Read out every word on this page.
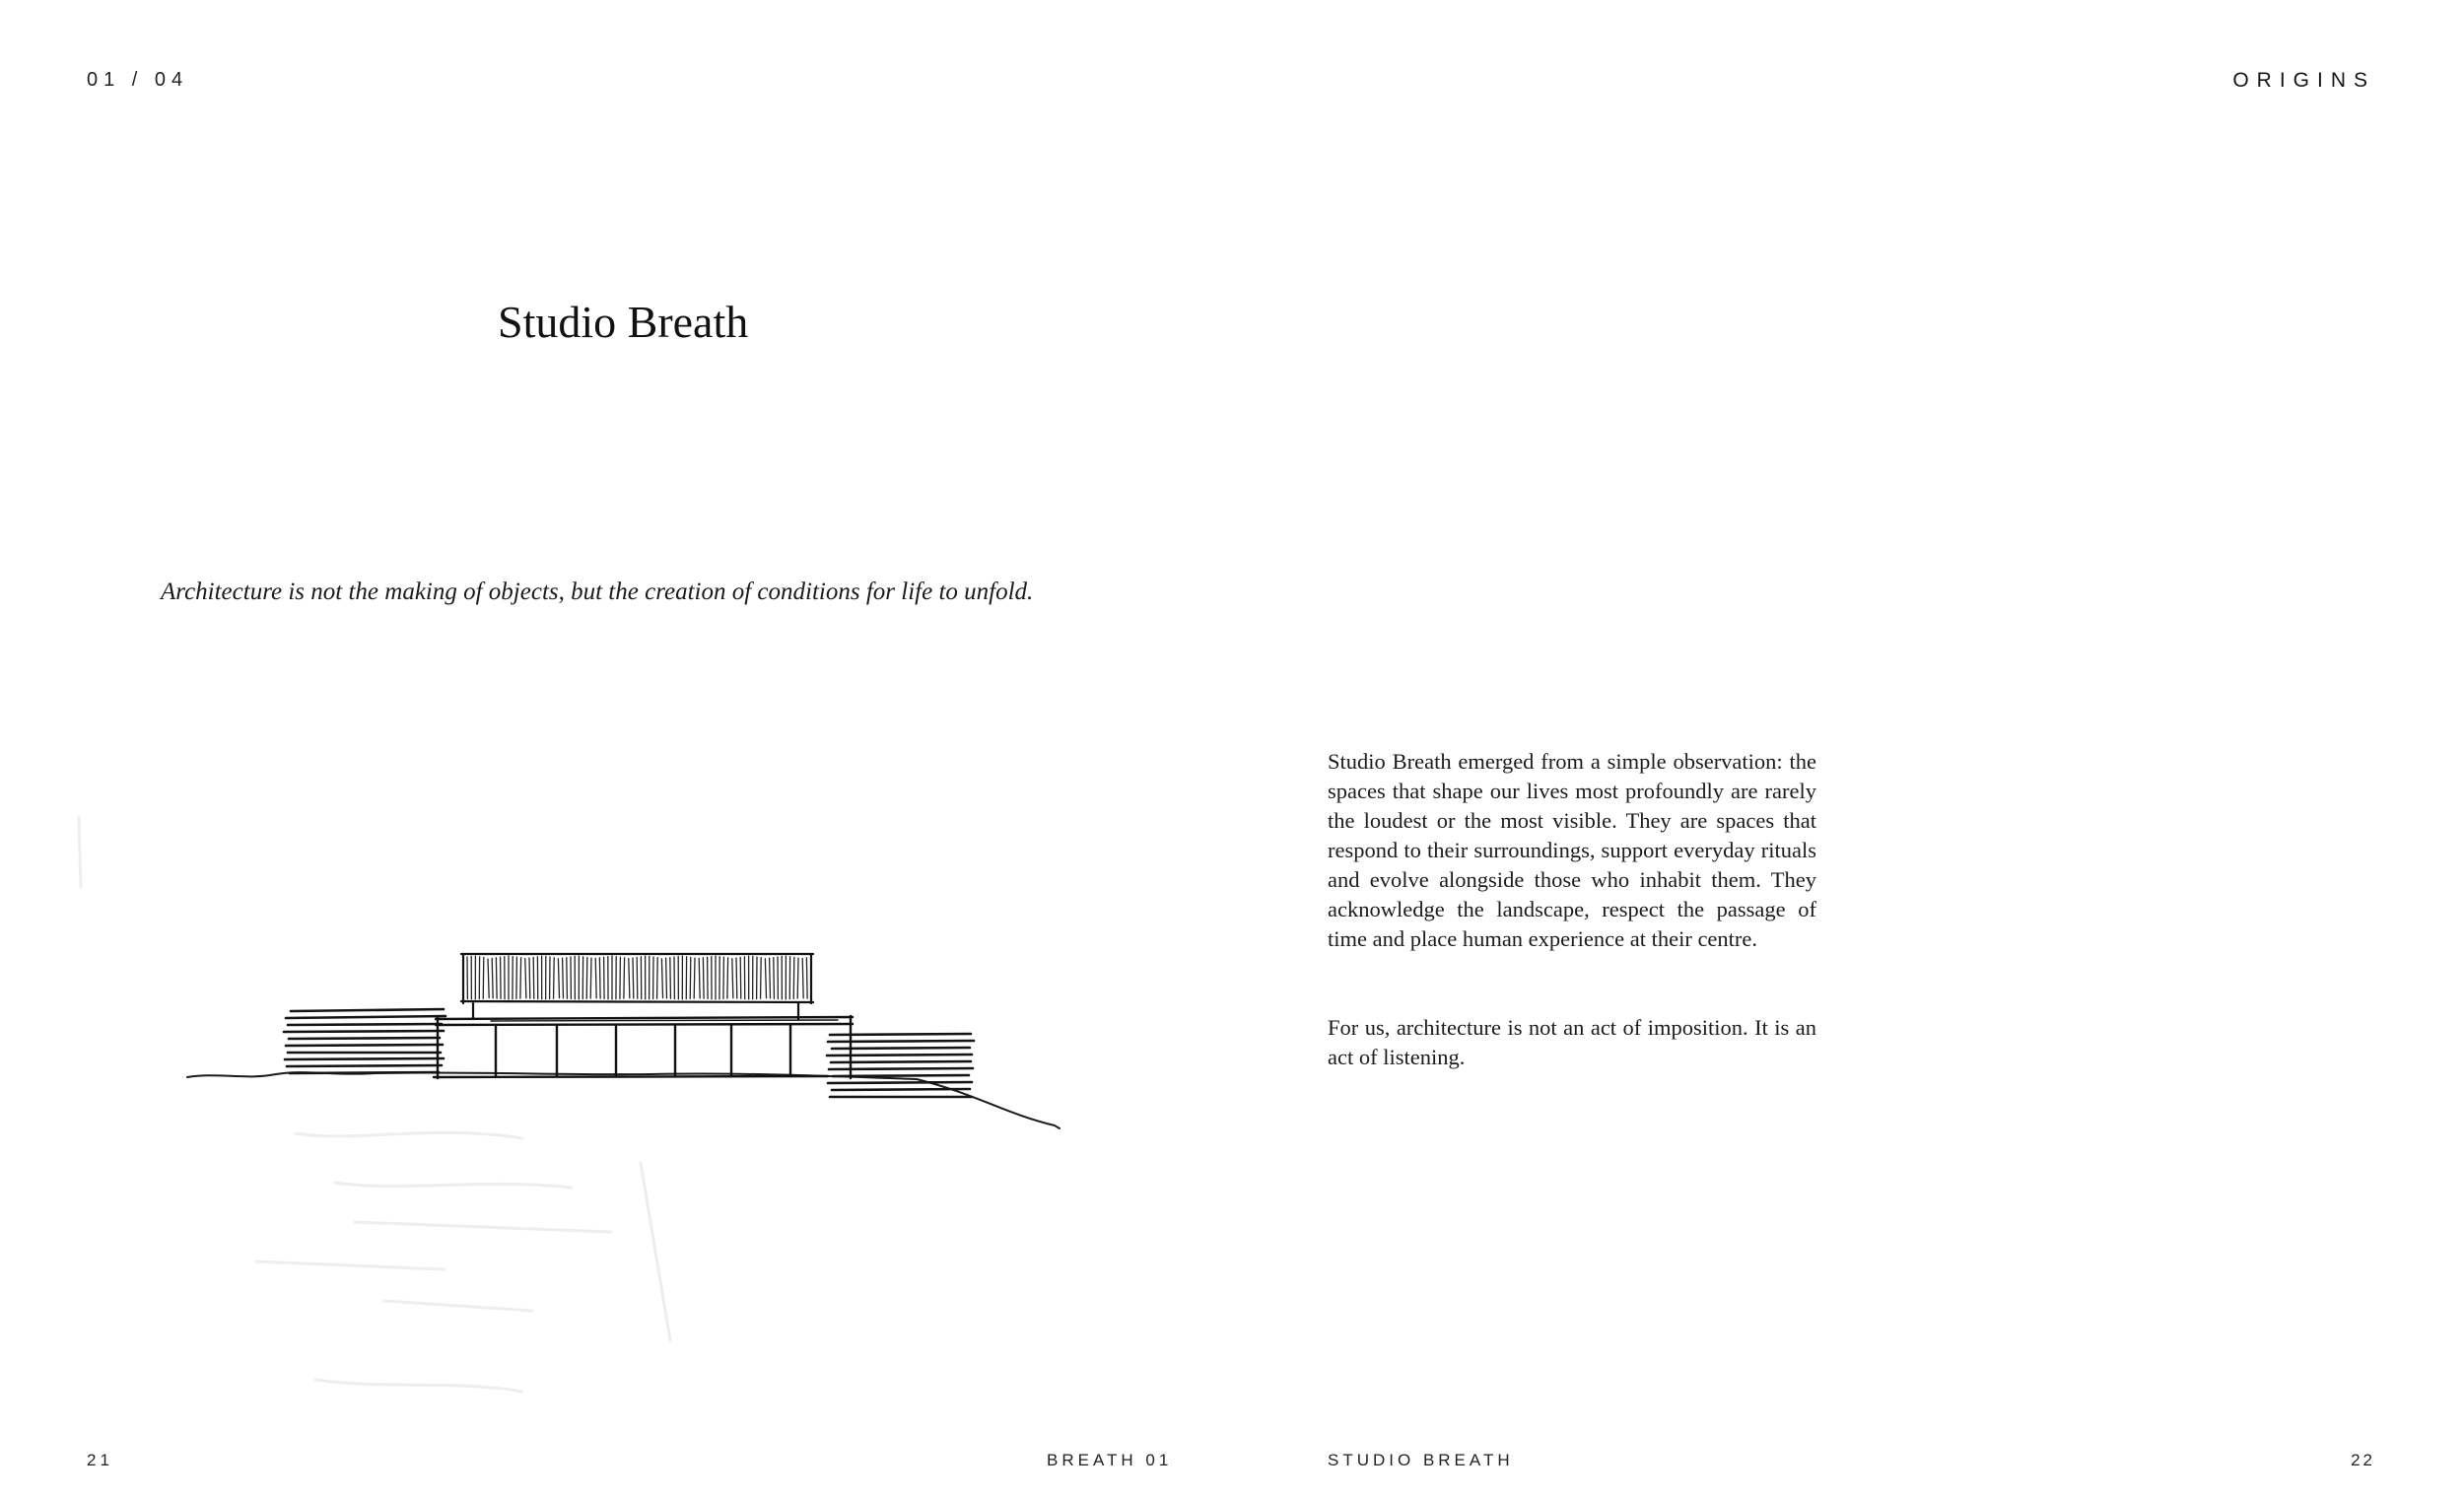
01 / 04	ORIGINS
Studio Breath
Architecture is not the making of objects, but the creation of conditions for life to unfold.

Studio Breath emerged from a simple observation: the spaces that shape our lives most profoundly are rarely the loudest or the most visible. They are spaces that respond to their surroundings, support everyday rituals and evolve alongside those who inhabit them. They acknowledge the landscape, respect the passage of time and place human experience at their centre.

For us, architecture is not an act of imposition. It is an act of listening.

21	BREATH 01	STUDIO BREATH	22
